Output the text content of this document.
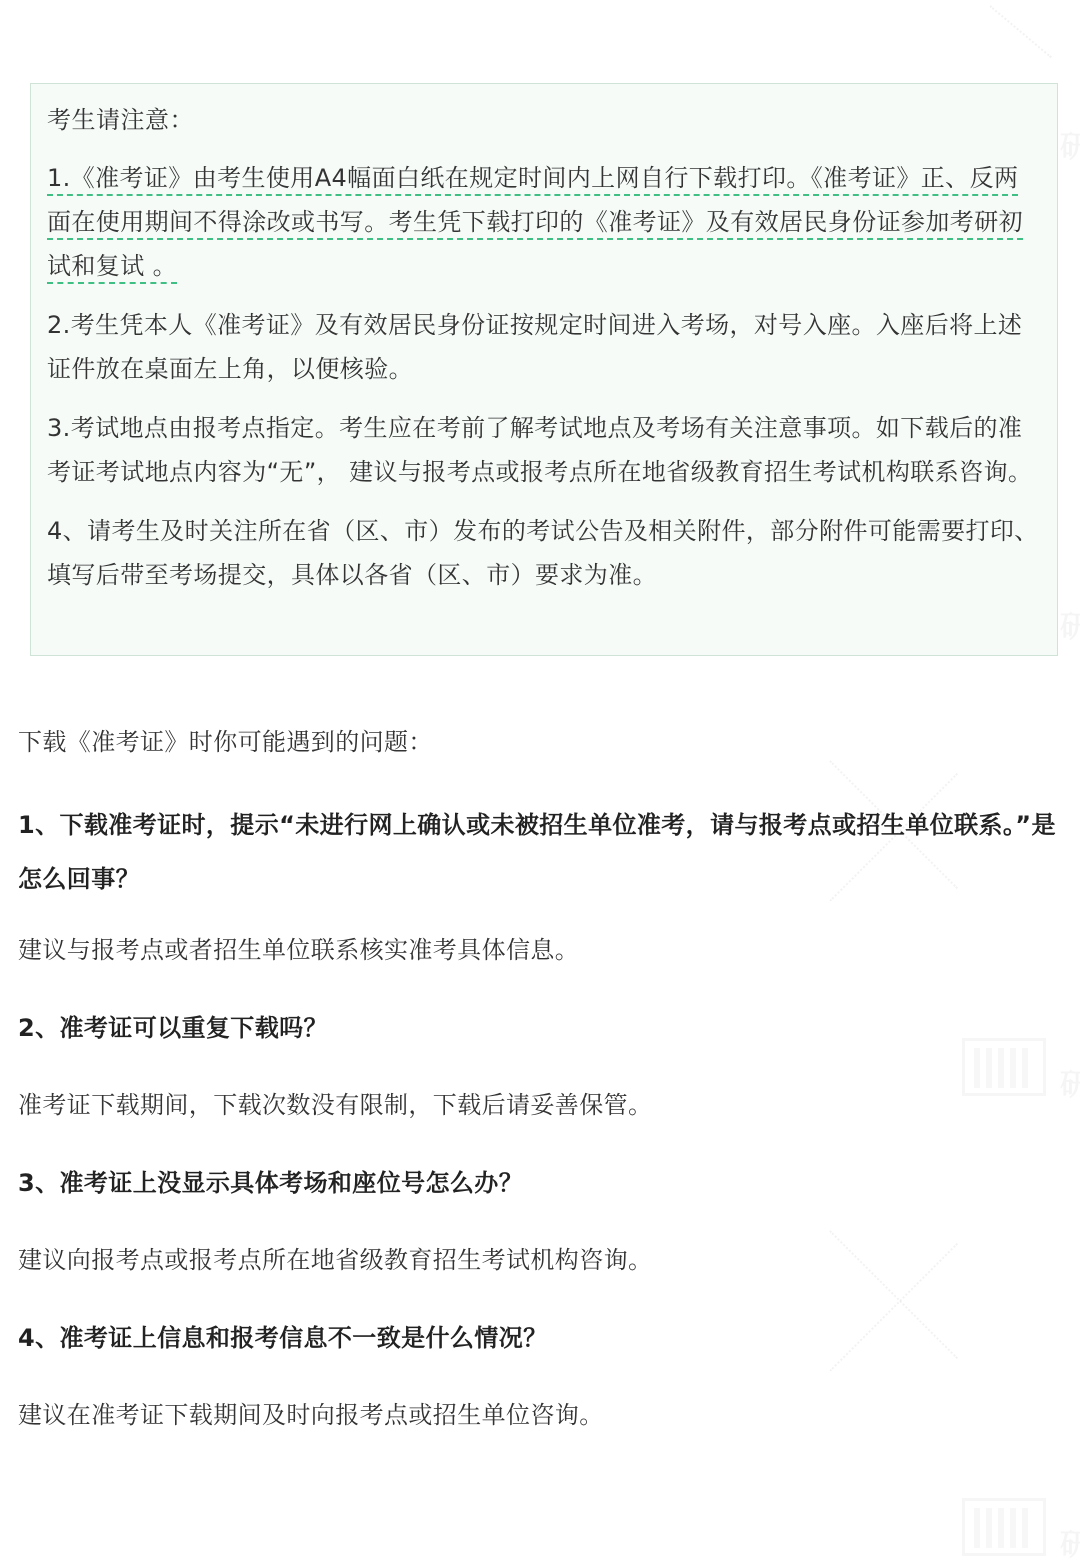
考生请注意：
1.《准考证》由考生使用A4幅面白纸在规定时间内上网自行下载打印。《准考证》正、反两面在使用期间不得涂改或书写。考生凭下载打印的《准考证》及有效居民身份证参加考研初试和复试 。
2.考生凭本人《准考证》及有效居民身份证按规定时间进入考场，对号入座。入座后将上述证件放在桌面左上角，以便核验。
3.考试地点由报考点指定。考生应在考前了解考试地点及考场有关注意事项。如下载后的准考证考试地点内容为“无”， 建议与报考点或报考点所在地省级教育招生考试机构联系咨询。
4、请考生及时关注所在省（区、市）发布的考试公告及相关附件，部分附件可能需要打印、填写后带至考场提交，具体以各省（区、市）要求为准。
下载《准考证》时你可能遇到的问题：
1、下载准考证时，提示“未进行网上确认或未被招生单位准考，请与报考点或招生单位联系。”是怎么回事？
建议与报考点或者招生单位联系核实准考具体信息。
2、准考证可以重复下载吗？
准考证下载期间，下载次数没有限制，下载后请妥善保管。
3、准考证上没显示具体考场和座位号怎么办？
建议向报考点或报考点所在地省级教育招生考试机构咨询。
4、准考证上信息和报考信息不一致是什么情况？
建议在准考证下载期间及时向报考点或招生单位咨询。
